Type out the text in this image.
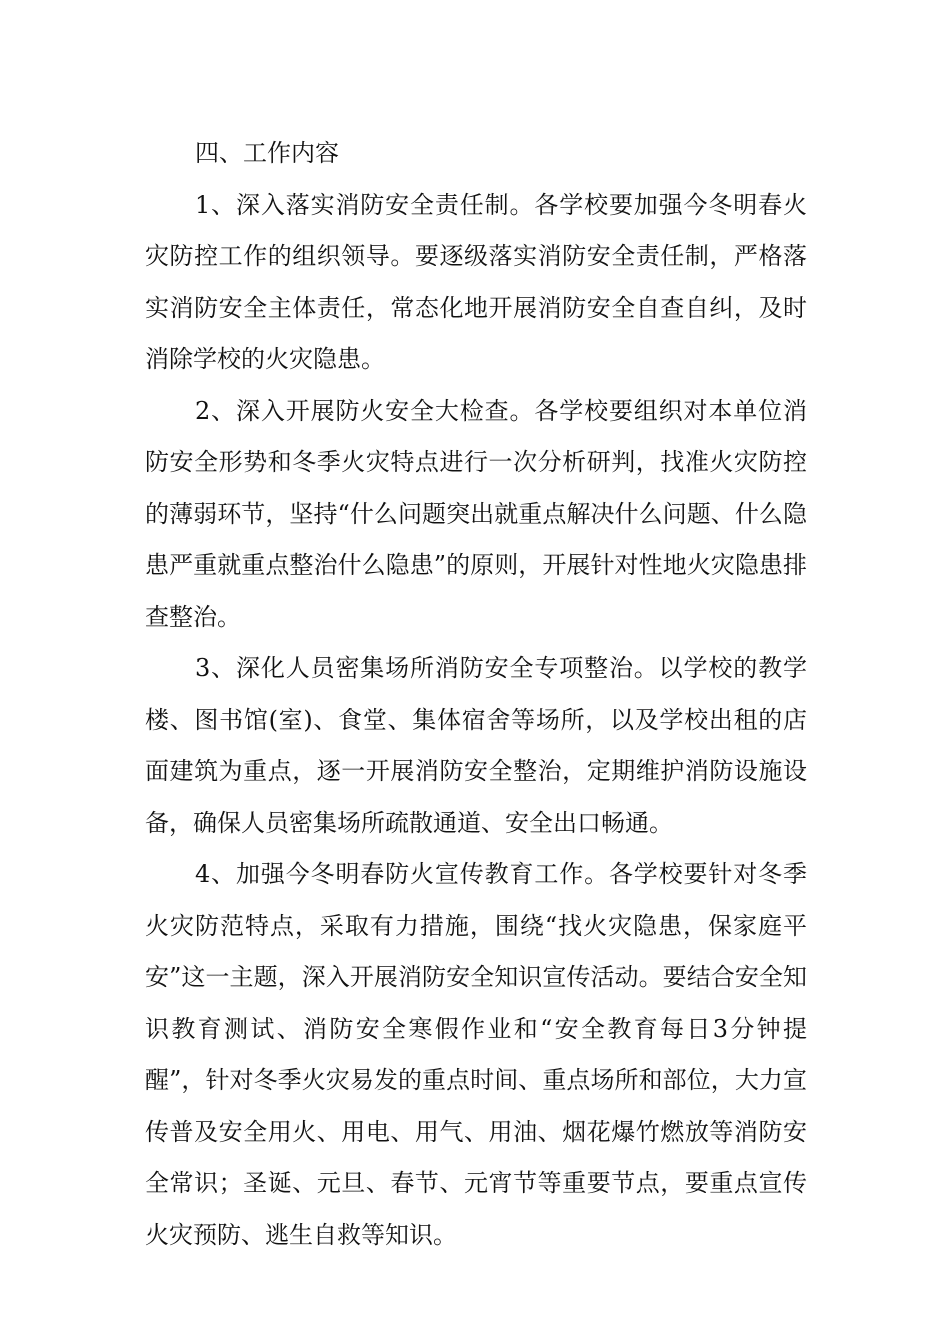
四、工作内容

1、深入落实消防安全责任制。各学校要加强今冬明春火灾防控工作的组织领导。要逐级落实消防安全责任制，严格落实消防安全主体责任，常态化地开展消防安全自查自纠，及时消除学校的火灾隐患。

2、深入开展防火安全大检查。各学校要组织对本单位消防安全形势和冬季火灾特点进行一次分析研判，找准火灾防控的薄弱环节，坚持“什么问题突出就重点解决什么问题、什么隐患严重就重点整治什么隐患”的原则，开展针对性地火灾隐患排查整治。

3、深化人员密集场所消防安全专项整治。以学校的教学楼、图书馆(室)、食堂、集体宿舍等场所，以及学校出租的店面建筑为重点，逐一开展消防安全整治，定期维护消防设施设备，确保人员密集场所疏散通道、安全出口畅通。

4、加强今冬明春防火宣传教育工作。各学校要针对冬季火灾防范特点，采取有力措施，围绕“找火灾隐患，保家庭平安”这一主题，深入开展消防安全知识宣传活动。要结合安全知识教育测试、消防安全寒假作业和“安全教育每日3分钟提醒”，针对冬季火灾易发的重点时间、重点场所和部位，大力宣传普及安全用火、用电、用气、用油、烟花爆竹燃放等消防安全常识；圣诞、元旦、春节、元宵节等重要节点，要重点宣传火灾预防、逃生自救等知识。
